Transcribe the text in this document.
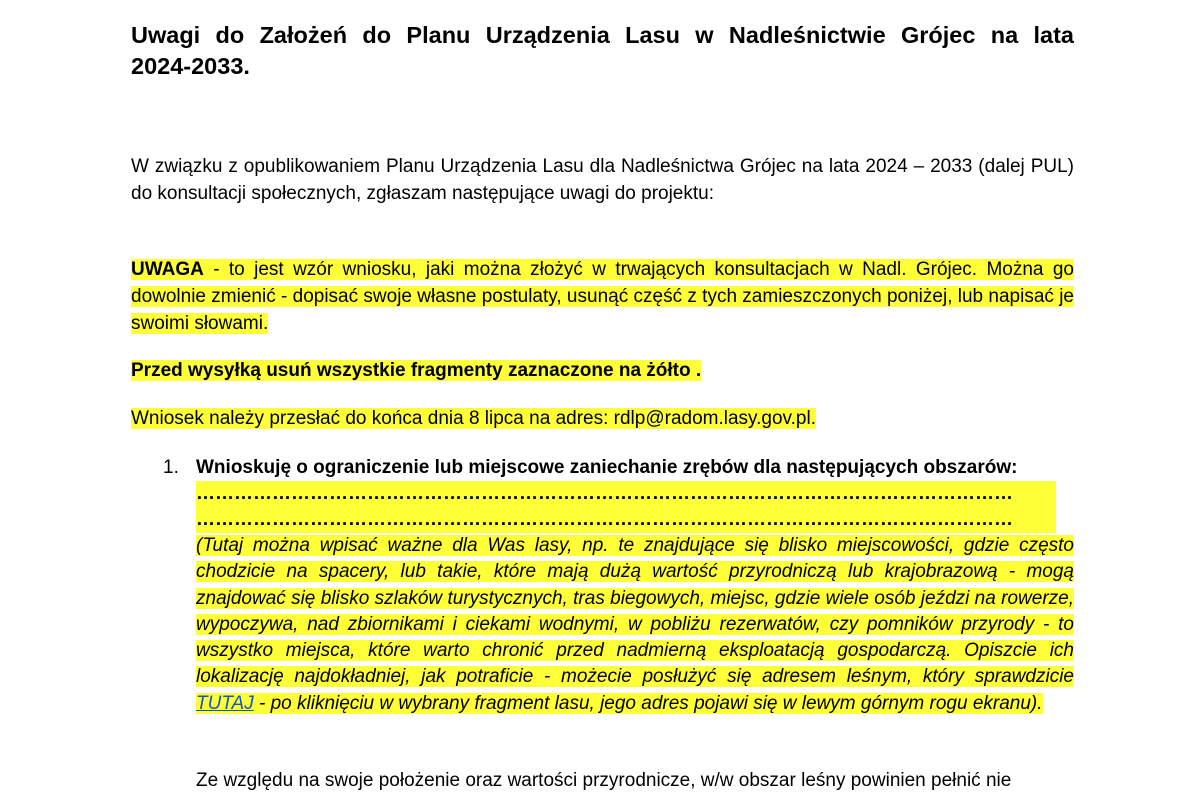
Uwagi do Założeń do Planu Urządzenia Lasu w Nadleśnictwie Grójec na lata 2024-2033.

W związku z opublikowaniem Planu Urządzenia Lasu dla Nadleśnictwa Grójec na lata 2024 – 2033 (dalej PUL) do konsultacji społecznych, zgłaszam następujące uwagi do projektu:

UWAGA - to jest wzór wniosku, jaki można złożyć w trwających konsultacjach w Nadl. Grójec. Można go dowolnie zmienić - dopisać swoje własne postulaty, usunąć część z tych zamieszczonych poniżej, lub napisać je swoimi słowami.

Przed wysyłką usuń wszystkie fragmenty zaznaczone na żółto .

Wniosek należy przesłać do końca dnia 8 lipca na adres: rdlp@radom.lasy.gov.pl.

1. Wnioskuję o ograniczenie lub miejscowe zaniechanie zrębów dla następujących obszarów:
…………………………………………………………………………………………………………………
…………………………………………………………………………………………………………………

(Tutaj można wpisać ważne dla Was lasy, np. te znajdujące się blisko miejscowości, gdzie często chodzicie na spacery, lub takie, które mają dużą wartość przyrodniczą lub krajobrazową - mogą znajdować się blisko szlaków turystycznych, tras biegowych, miejsc, gdzie wiele osób jeździ na rowerze, wypoczywa, nad zbiornikami i ciekami wodnymi, w pobliżu rezerwatów, czy pomników przyrody - to wszystko miejsca, które warto chronić przed nadmierną eksploatacją gospodarczą. Opiszcie ich lokalizację najdokładniej, jak potraficie - możecie posłużyć się adresem leśnym, który sprawdzicie TUTAJ - po kliknięciu w wybrany fragment lasu, jego adres pojawi się w lewym górnym rogu ekranu).

Ze względu na swoje położenie oraz wartości przyrodnicze, w/w obszar leśny powinien pełnić nie
